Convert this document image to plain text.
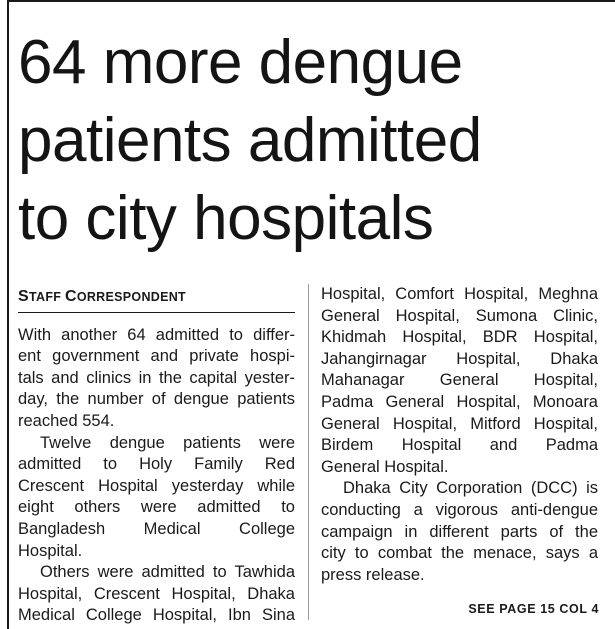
64 more dengue
patients admitted
to city hospitals
STAFF CORRESPONDENT
With another 64 admitted to differ-
ent government and private hospi-
tals and clinics in the capital yester-
day, the number of dengue patients
reached 554.
Twelve dengue patients were
admitted to Holy Family Red
Crescent Hospital yesterday while
eight others were admitted to
Bangladesh Medical College
Hospital.
Others were admitted to Tawhida
Hospital, Crescent Hospital, Dhaka
Medical College Hospital, Ibn Sina
Hospital, Comfort Hospital, Meghna
General Hospital, Sumona Clinic,
Khidmah Hospital, BDR Hospital,
Jahangirnagar Hospital, Dhaka
Mahanagar General Hospital,
Padma General Hospital, Monoara
General Hospital, Mitford Hospital,
Birdem Hospital and Padma
General Hospital.
Dhaka City Corporation (DCC) is
conducting a vigorous anti-dengue
campaign in different parts of the
city to combat the menace, says a
press release.
SEE PAGE 15 COL 4
